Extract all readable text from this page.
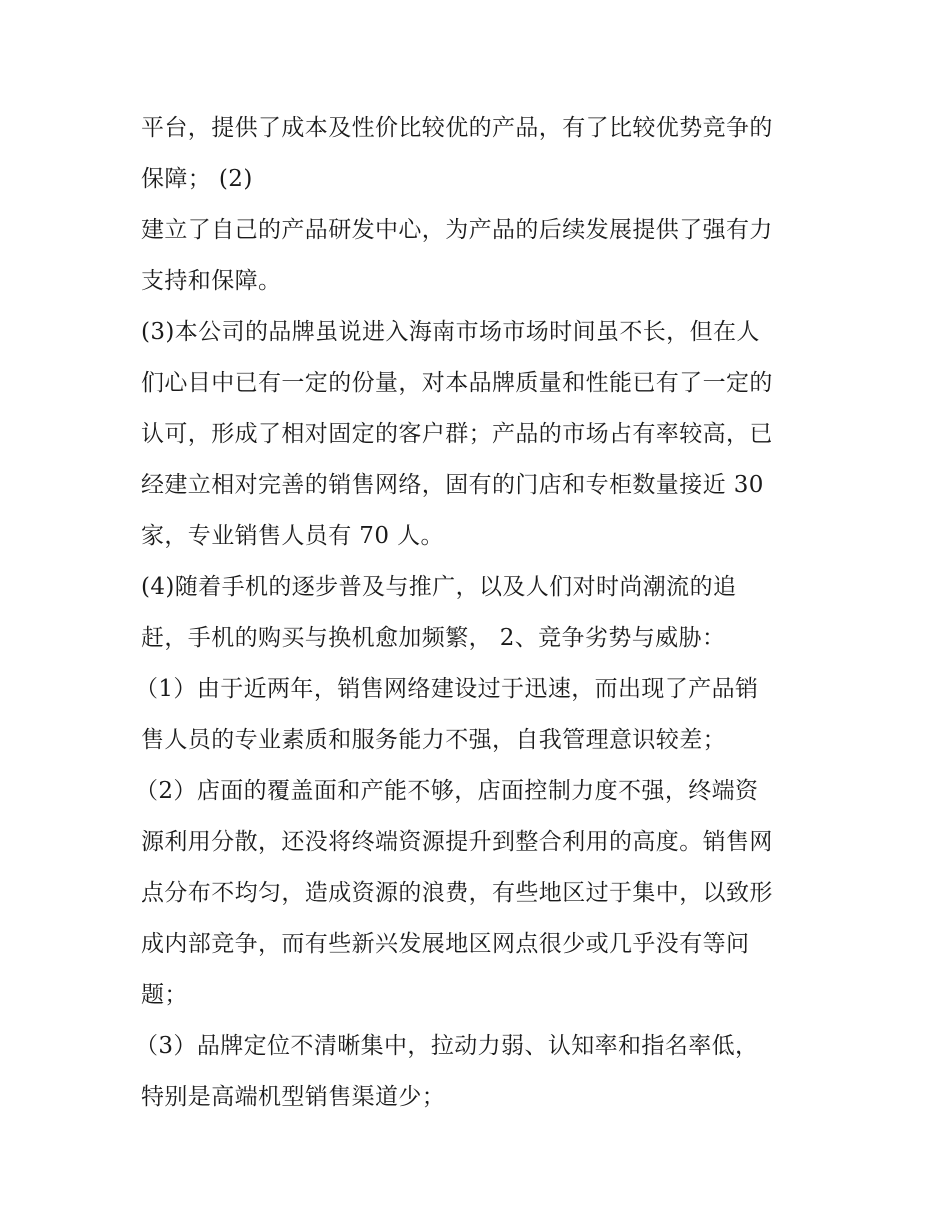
平台，提供了成本及性价比较优的产品，有了比较优势竞争的

保障； (2)

建立了自己的产品研发中心，为产品的后续发展提供了强有力

支持和保障。

(3)本公司的品牌虽说进入海南市场市场时间虽不长，但在人

们心目中已有一定的份量，对本品牌质量和性能已有了一定的

认可，形成了相对固定的客户群；产品的市场占有率较高，已

经建立相对完善的销售网络，固有的门店和专柜数量接近 30

家，专业销售人员有 70 人。

(4)随着手机的逐步普及与推广，以及人们对时尚潮流的追

赶，手机的购买与换机愈加频繁， 2、竞争劣势与威胁：

（1）由于近两年，销售网络建设过于迅速，而出现了产品销

售人员的专业素质和服务能力不强，自我管理意识较差；

（2）店面的覆盖面和产能不够，店面控制力度不强，终端资

源利用分散，还没将终端资源提升到整合利用的高度。销售网

点分布不均匀，造成资源的浪费，有些地区过于集中，以致形

成内部竞争，而有些新兴发展地区网点很少或几乎没有等问

题；

（3）品牌定位不清晰集中，拉动力弱、认知率和指名率低，

特别是高端机型销售渠道少；
